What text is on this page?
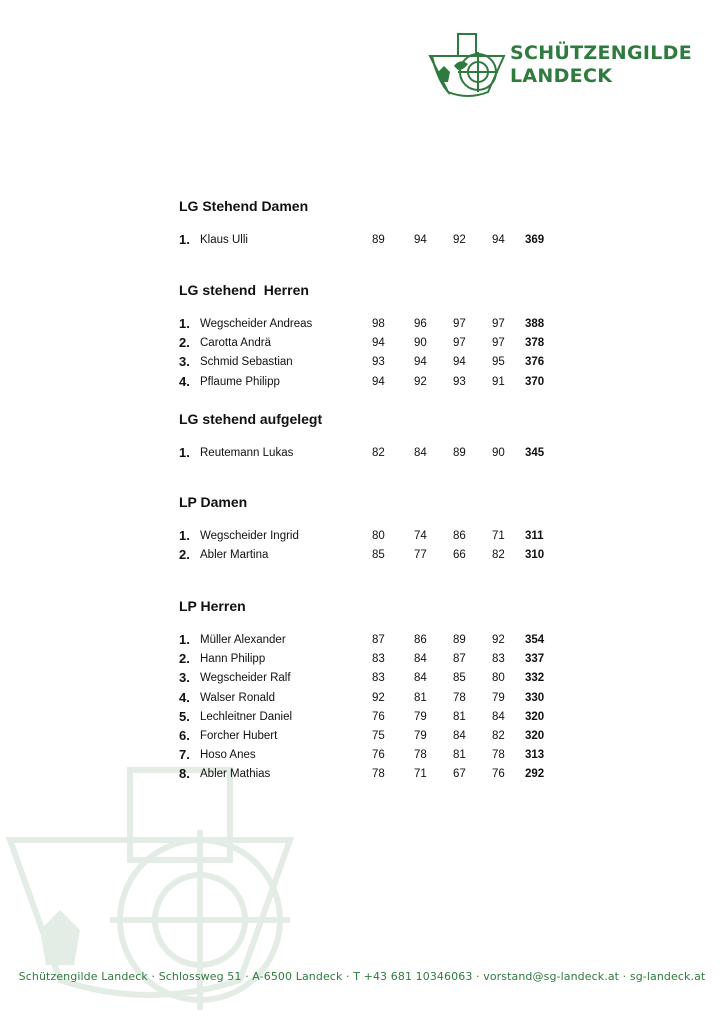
SCHÜTZENGILDE
LANDECK
LG Stehend Damen
1. Klaus Ulli	89	94 92 94 369
LG stehend  Herren
1. Wegscheider Andreas	98	96 97 97 388
2. Carotta Andrä	94	90 97 97 378
3. Schmid Sebastian	93	94 94 95 376
4. Pflaume Philipp	94	92 93 91 370
LG stehend aufgelegt
1. Reutemann Lukas	82	84 89 90 345
LP Damen
1. Wegscheider Ingrid	80	74 86 71 311
2. Abler Martina	85	77 66 82 310
LP Herren
1. Müller Alexander	87	86 89 92 354
2. Hann Philipp	83	84 87 83 337
3. Wegscheider Ralf	83	84 85 80 332
4. Walser Ronald	92	81 78 79 330
5. Lechleitner Daniel	76	79 81 84 320
6. Forcher Hubert	75	79 84 82 320
7. Hoso Anes	76	78 81 78 313
8. Abler Mathias	78	71 67 76 292
Schützengilde Landeck · Schlossweg 51 · A-6500 Landeck · T +43 681 10346063 · vorstand@sg-landeck.at · sg-landeck.at
